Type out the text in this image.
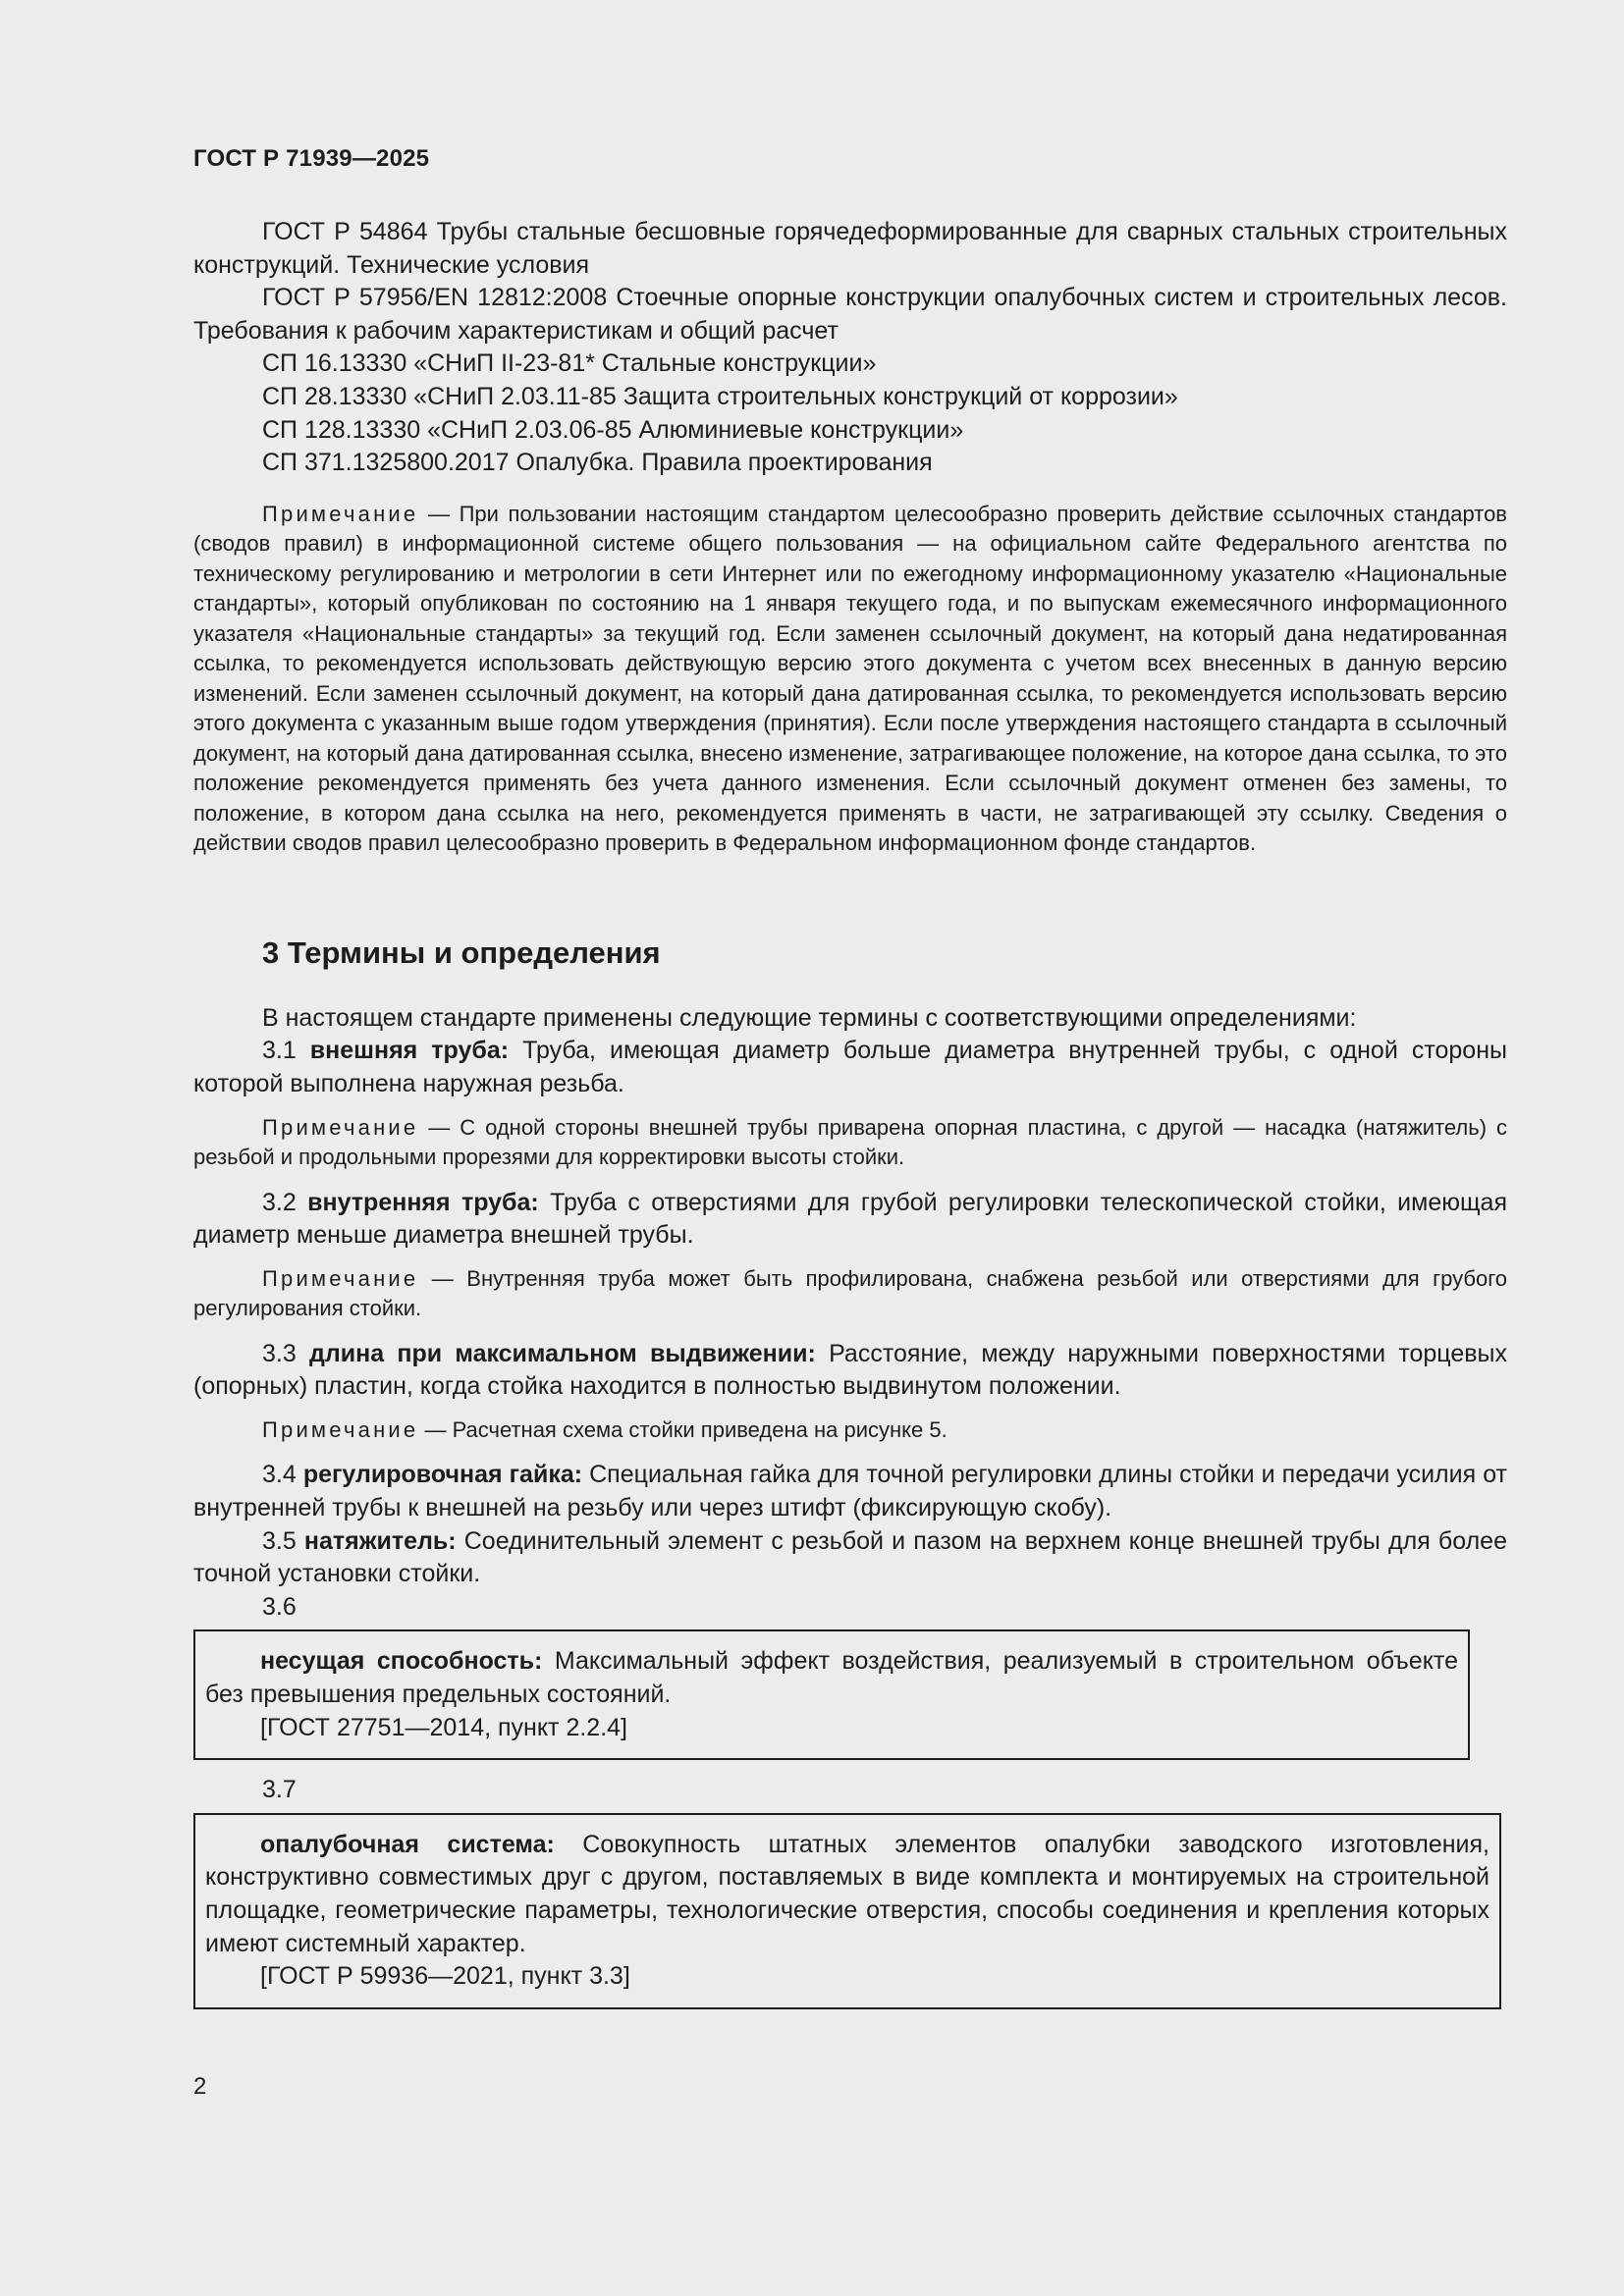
ГОСТ Р 71939—2025

ГОСТ Р 54864 Трубы стальные бесшовные горячедеформированные для сварных стальных строительных конструкций. Технические условия

ГОСТ Р 57956/EN 12812:2008 Стоечные опорные конструкции опалубочных систем и строительных лесов. Требования к рабочим характеристикам и общий расчет

СП 16.13330 «СНиП II-23-81* Стальные конструкции»

СП 28.13330 «СНиП 2.03.11-85 Защита строительных конструкций от коррозии»

СП 128.13330 «СНиП 2.03.06-85 Алюминиевые конструкции»

СП 371.1325800.2017 Опалубка. Правила проектирования

Примечание — При пользовании настоящим стандартом целесообразно проверить действие ссылочных стандартов (сводов правил) в информационной системе общего пользования — на официальном сайте Федерального агентства по техническому регулированию и метрологии в сети Интернет или по ежегодному информационному указателю «Национальные стандарты», который опубликован по состоянию на 1 января текущего года, и по выпускам ежемесячного информационного указателя «Национальные стандарты» за текущий год. Если заменен ссылочный документ, на который дана недатированная ссылка, то рекомендуется использовать действующую версию этого документа с учетом всех внесенных в данную версию изменений. Если заменен ссылочный документ, на который дана датированная ссылка, то рекомендуется использовать версию этого документа с указанным выше годом утверждения (принятия). Если после утверждения настоящего стандарта в ссылочный документ, на который дана датированная ссылка, внесено изменение, затрагивающее положение, на которое дана ссылка, то это положение рекомендуется применять без учета данного изменения. Если ссылочный документ отменен без замены, то положение, в котором дана ссылка на него, рекомендуется применять в части, не затрагивающей эту ссылку. Сведения о действии сводов правил целесообразно проверить в Федеральном информационном фонде стандартов.

3 Термины и определения

В настоящем стандарте применены следующие термины с соответствующими определениями:

3.1 внешняя труба: Труба, имеющая диаметр больше диаметра внутренней трубы, с одной стороны которой выполнена наружная резьба.

Примечание — С одной стороны внешней трубы приварена опорная пластина, с другой — насадка (натяжитель) с резьбой и продольными прорезями для корректировки высоты стойки.

3.2 внутренняя труба: Труба с отверстиями для грубой регулировки телескопической стойки, имеющая диаметр меньше диаметра внешней трубы.

Примечание — Внутренняя труба может быть профилирована, снабжена резьбой или отверстиями для грубого регулирования стойки.

3.3 длина при максимальном выдвижении: Расстояние, между наружными поверхностями торцевых (опорных) пластин, когда стойка находится в полностью выдвинутом положении.

Примечание — Расчетная схема стойки приведена на рисунке 5.

3.4 регулировочная гайка: Специальная гайка для точной регулировки длины стойки и передачи усилия от внутренней трубы к внешней на резьбу или через штифт (фиксирующую скобу).

3.5 натяжитель: Соединительный элемент с резьбой и пазом на верхнем конце внешней трубы для более точной установки стойки.

3.6

несущая способность: Максимальный эффект воздействия, реализуемый в строительном объекте без превышения предельных состояний.

[ГОСТ 27751—2014, пункт 2.2.4]

3.7

опалубочная система: Совокупность штатных элементов опалубки заводского изготовления, конструктивно совместимых друг с другом, поставляемых в виде комплекта и монтируемых на строительной площадке, геометрические параметры, технологические отверстия, способы соединения и крепления которых имеют системный характер.

[ГОСТ Р 59936—2021, пункт 3.3]

2
